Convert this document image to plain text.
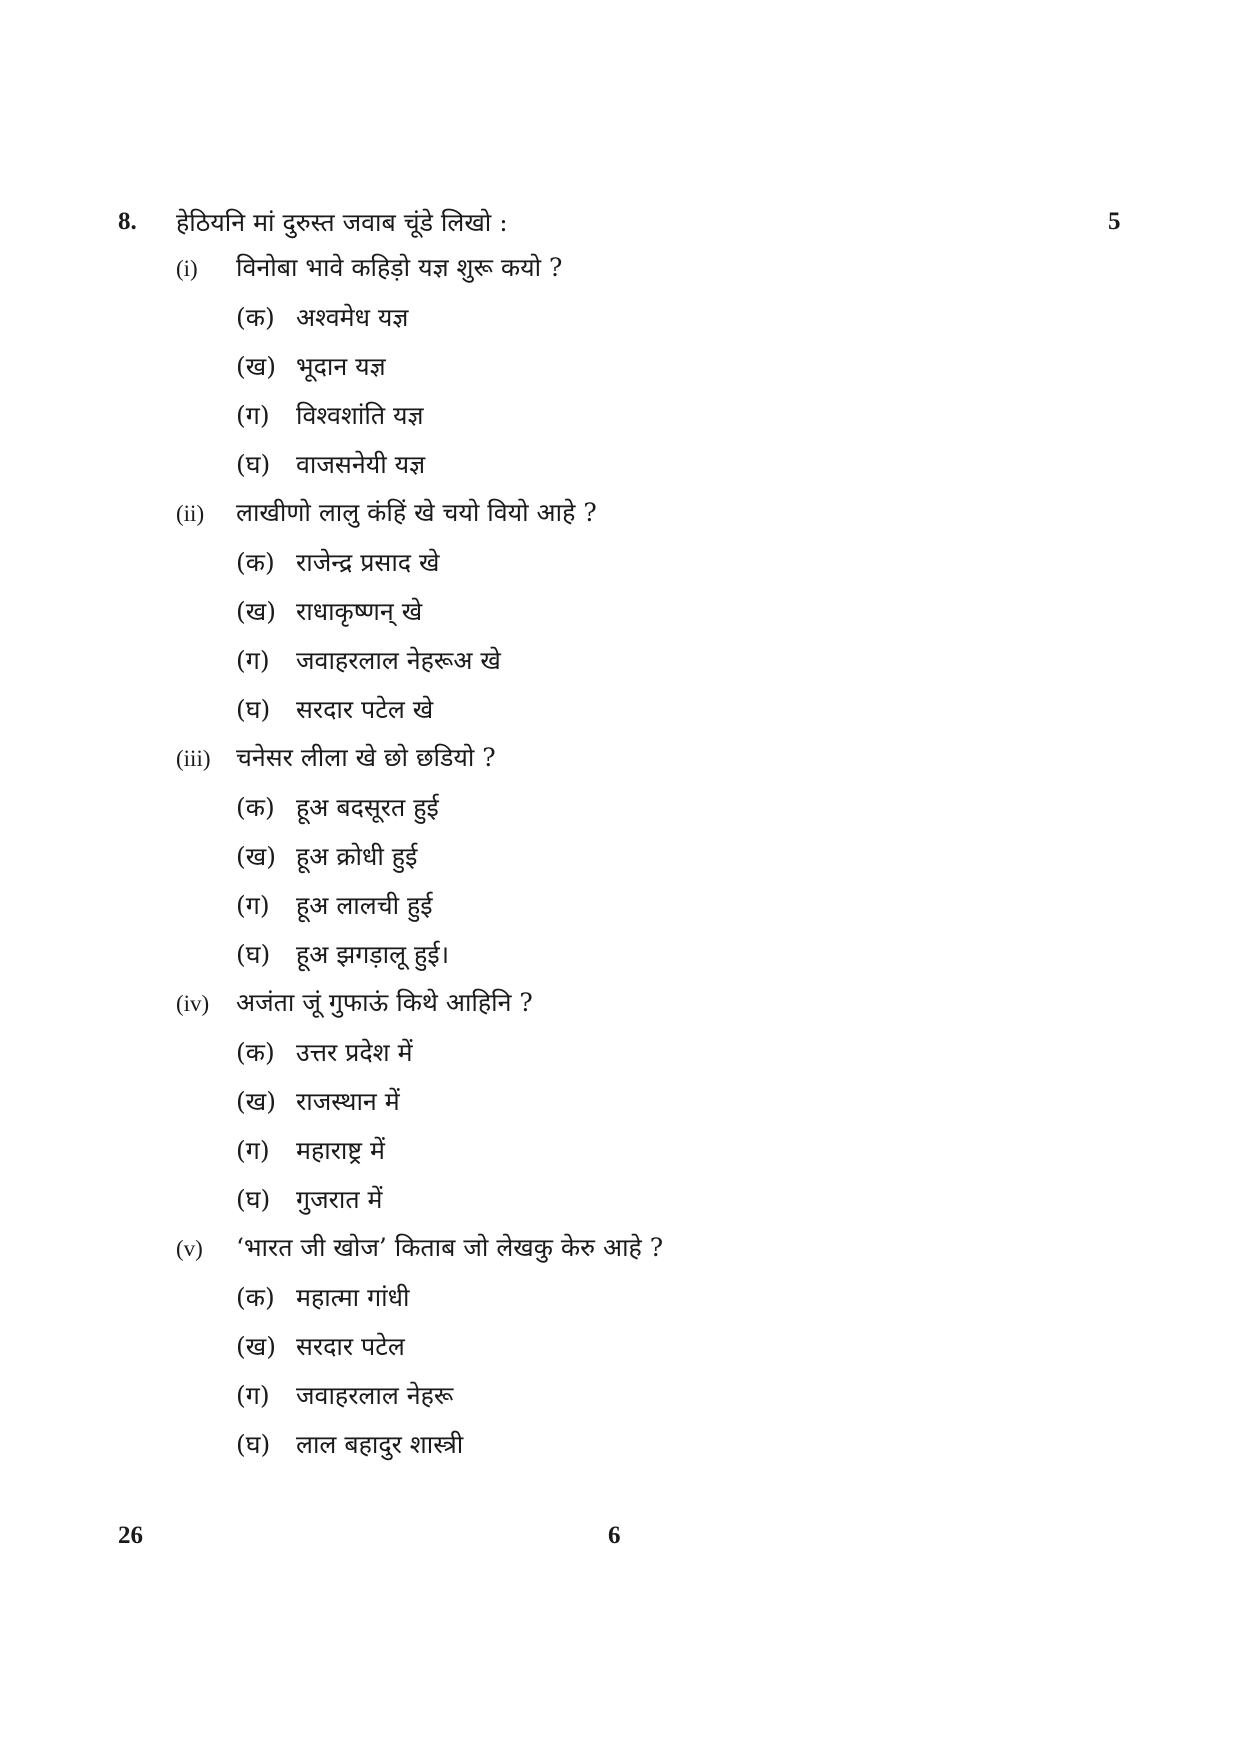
8. हेठियनि मां दुरुस्त जवाब चूंडे लिखो :	5
(i) विनोबा भावे कहिड़ो यज्ञ शुरू कयो ?
(क) अश्वमेध यज्ञ
(ख) भूदान यज्ञ
(ग) विश्वशांति यज्ञ
(घ) वाजसनेयी यज्ञ
(ii) लाखीणो लालु कंहिं खे चयो वियो आहे ?
(क) राजेन्द्र प्रसाद खे
(ख) राधाकृष्णन् खे
(ग) जवाहरलाल नेहरूअ खे
(घ) सरदार पटेल खे
(iii) चनेसर लीला खे छो छडियो ?
(क) हूअ बदसूरत हुई
(ख) हूअ क्रोधी हुई
(ग) हूअ लालची हुई
(घ) हूअ झगड़ालू हुई।
(iv) अजंता जूं गुफाऊं किथे आहिनि ?
(क) उत्तर प्रदेश में
(ख) राजस्थान में
(ग) महाराष्ट्र में
(घ) गुजरात में
(v) ‘भारत जी खोज’ किताब जो लेखकु केरु आहे ?
(क) महात्मा गांधी
(ख) सरदार पटेल
(ग) जवाहरलाल नेहरू
(घ) लाल बहादुर शास्त्री
26	6
